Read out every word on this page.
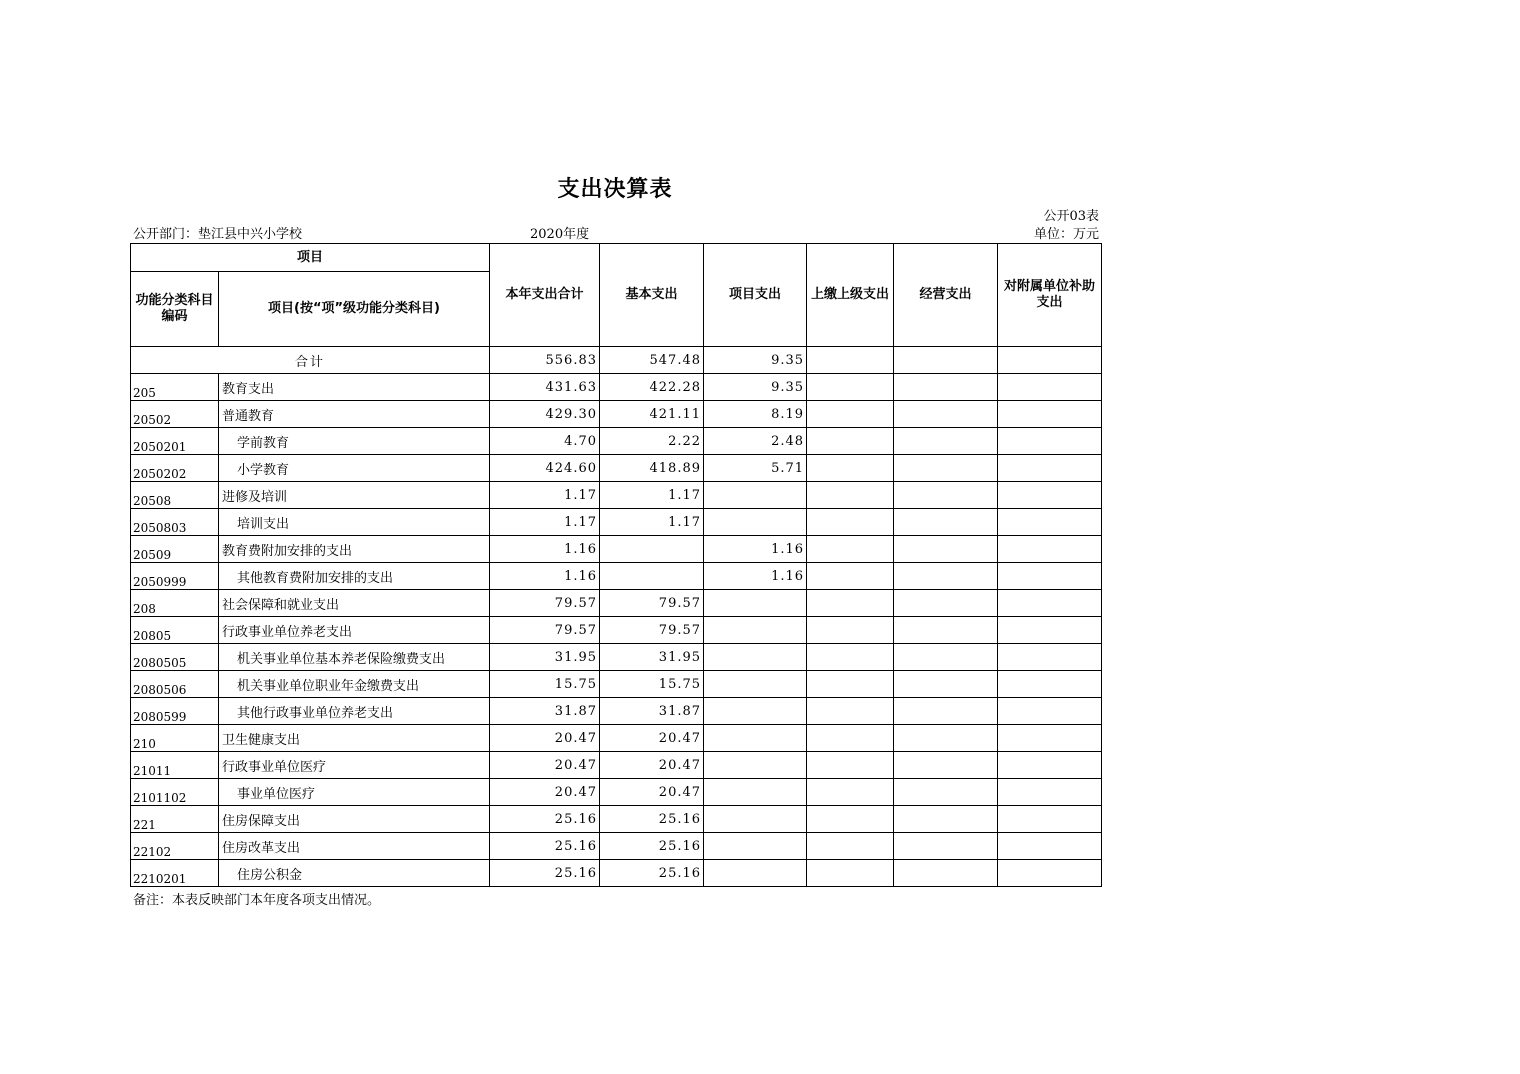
支出决算表
公开03表
公开部门：垫江县中兴小学校	2020年度	单位：万元
项目		本年支出合计	基本支出	项目支出	上缴上级支出	经营支出	对附属单位补助支出
功能分类科目编码	项目(按“项”级功能分类科目)						
合计		556.83	547.48	9.35			
205	教育支出	431.63	422.28	9.35			
20502	普通教育	429.30	421.11	8.19			
2050201	学前教育	4.70	2.22	2.48			
2050202	小学教育	424.60	418.89	5.71			
20508	进修及培训	1.17	1.17				
2050803	培训支出	1.17	1.17				
20509	教育费附加安排的支出	1.16		1.16			
2050999	其他教育费附加安排的支出	1.16		1.16			
208	社会保障和就业支出	79.57	79.57				
20805	行政事业单位养老支出	79.57	79.57				
2080505	机关事业单位基本养老保险缴费支出	31.95	31.95				
2080506	机关事业单位职业年金缴费支出	15.75	15.75				
2080599	其他行政事业单位养老支出	31.87	31.87				
210	卫生健康支出	20.47	20.47				
21011	行政事业单位医疗	20.47	20.47				
2101102	事业单位医疗	20.47	20.47				
221	住房保障支出	25.16	25.16				
22102	住房改革支出	25.16	25.16				
2210201	住房公积金	25.16	25.16				
备注：本表反映部门本年度各项支出情况。
